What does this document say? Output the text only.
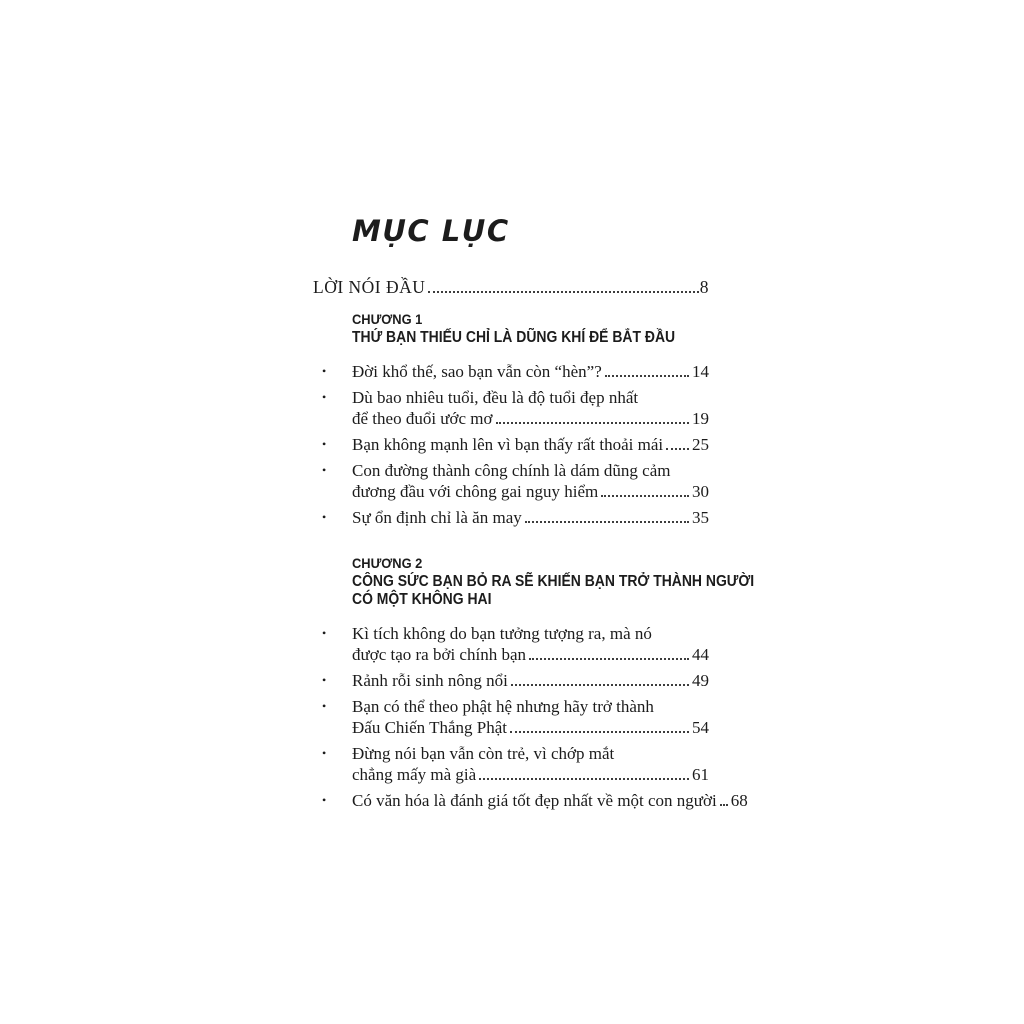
MỤC LỤC
LỜI NÓI ĐẦU	8
CHƯƠNG 1
THỨ BẠN THIẾU CHỈ LÀ DŨNG KHÍ ĐỂ BẮT ĐẦU
•	Đời khổ thế, sao bạn vẫn còn “hèn”?	14
•	Dù bao nhiêu tuổi, đều là độ tuổi đẹp nhất
để theo đuổi ước mơ	19
•	Bạn không mạnh lên vì bạn thấy rất thoải mái 25
•	Con đường thành công chính là dám dũng cảm
đương đầu với chông gai nguy hiểm	30
•	Sự ổn định chỉ là ăn may	35
CHƯƠNG 2
CÔNG SỨC BẠN BỎ RA SẼ KHIẾN BẠN TRỞ THÀNH NGƯỜI
CÓ MỘT KHÔNG HAI
•	Kì tích không do bạn tưởng tượng ra, mà nó
được tạo ra bởi chính bạn	44
•	Rảnh rỗi sinh nông nổi	49
•	Bạn có thể theo phật hệ nhưng hãy trở thành
Đấu Chiến Thắng Phật	54
•	Đừng nói bạn vẫn còn trẻ, vì chớp mắt
chẳng mấy mà già	61
•	Có văn hóa là đánh giá tốt đẹp nhất về một con người 68
